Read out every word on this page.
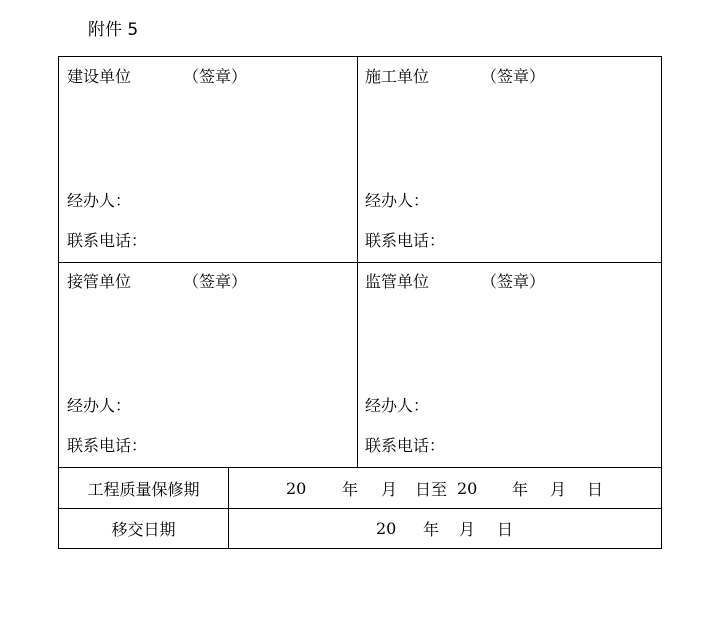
附件 5
建设单位	（签章）
经办人：
联系电话：
施工单位	（签章）
经办人：
联系电话：
接管单位	（签章）
经办人：
联系电话：
监管单位	（签章）
经办人：
联系电话：
工程质量保修期	20 年 月 日至 20 年 月 日
移交日期	20 年 月 日
